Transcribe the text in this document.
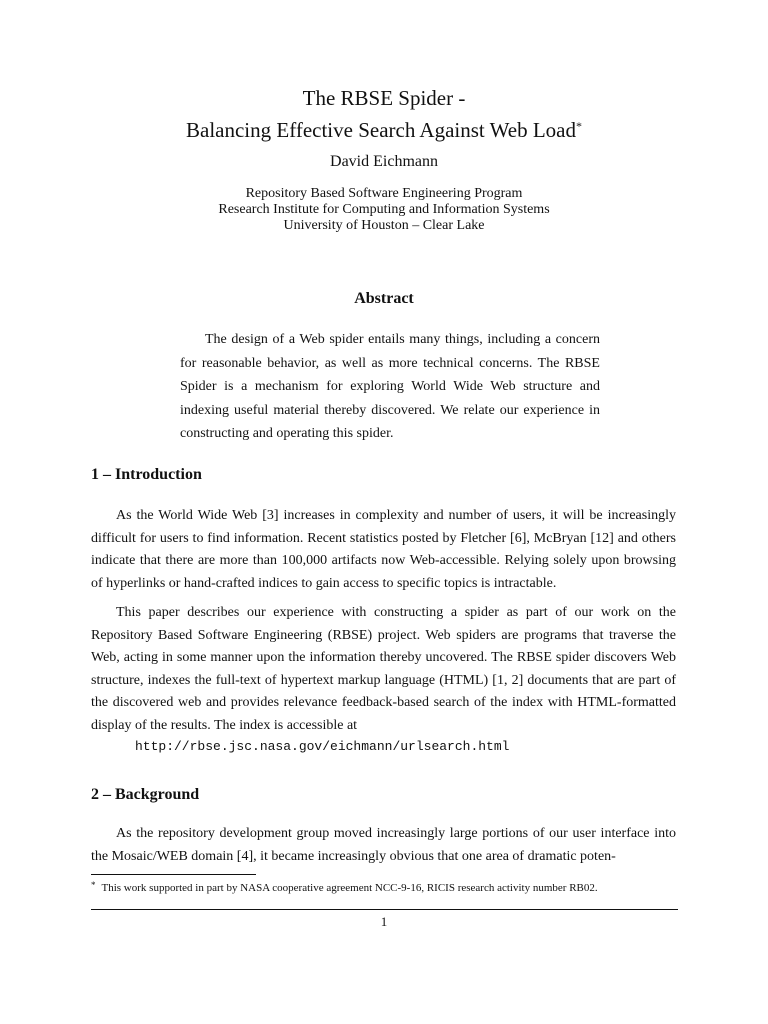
The RBSE Spider -
Balancing Effective Search Against Web Load*
David Eichmann
Repository Based Software Engineering Program
Research Institute for Computing and Information Systems
University of Houston – Clear Lake
Abstract
The design of a Web spider entails many things, including a concern for reasonable behavior, as well as more technical concerns. The RBSE Spider is a mechanism for exploring World Wide Web structure and indexing useful material thereby discovered. We relate our experience in constructing and operating this spider.
1 – Introduction
As the World Wide Web [3] increases in complexity and number of users, it will be increasingly difficult for users to find information. Recent statistics posted by Fletcher [6], McBryan [12] and others indicate that there are more than 100,000 artifacts now Web-accessible. Relying solely upon browsing of hyperlinks or hand-crafted indices to gain access to specific topics is intractable.
This paper describes our experience with constructing a spider as part of our work on the Repository Based Software Engineering (RBSE) project. Web spiders are programs that traverse the Web, acting in some manner upon the information thereby uncovered. The RBSE spider discovers Web structure, indexes the full-text of hypertext markup language (HTML) [1, 2] documents that are part of the discovered web and provides relevance feedback-based search of the index with HTML-formatted display of the results. The index is accessible at
http://rbse.jsc.nasa.gov/eichmann/urlsearch.html
2 – Background
As the repository development group moved increasingly large portions of our user interface into the Mosaic/WEB domain [4], it became increasingly obvious that one area of dramatic poten-
* This work supported in part by NASA cooperative agreement NCC-9-16, RICIS research activity number RB02.
1
